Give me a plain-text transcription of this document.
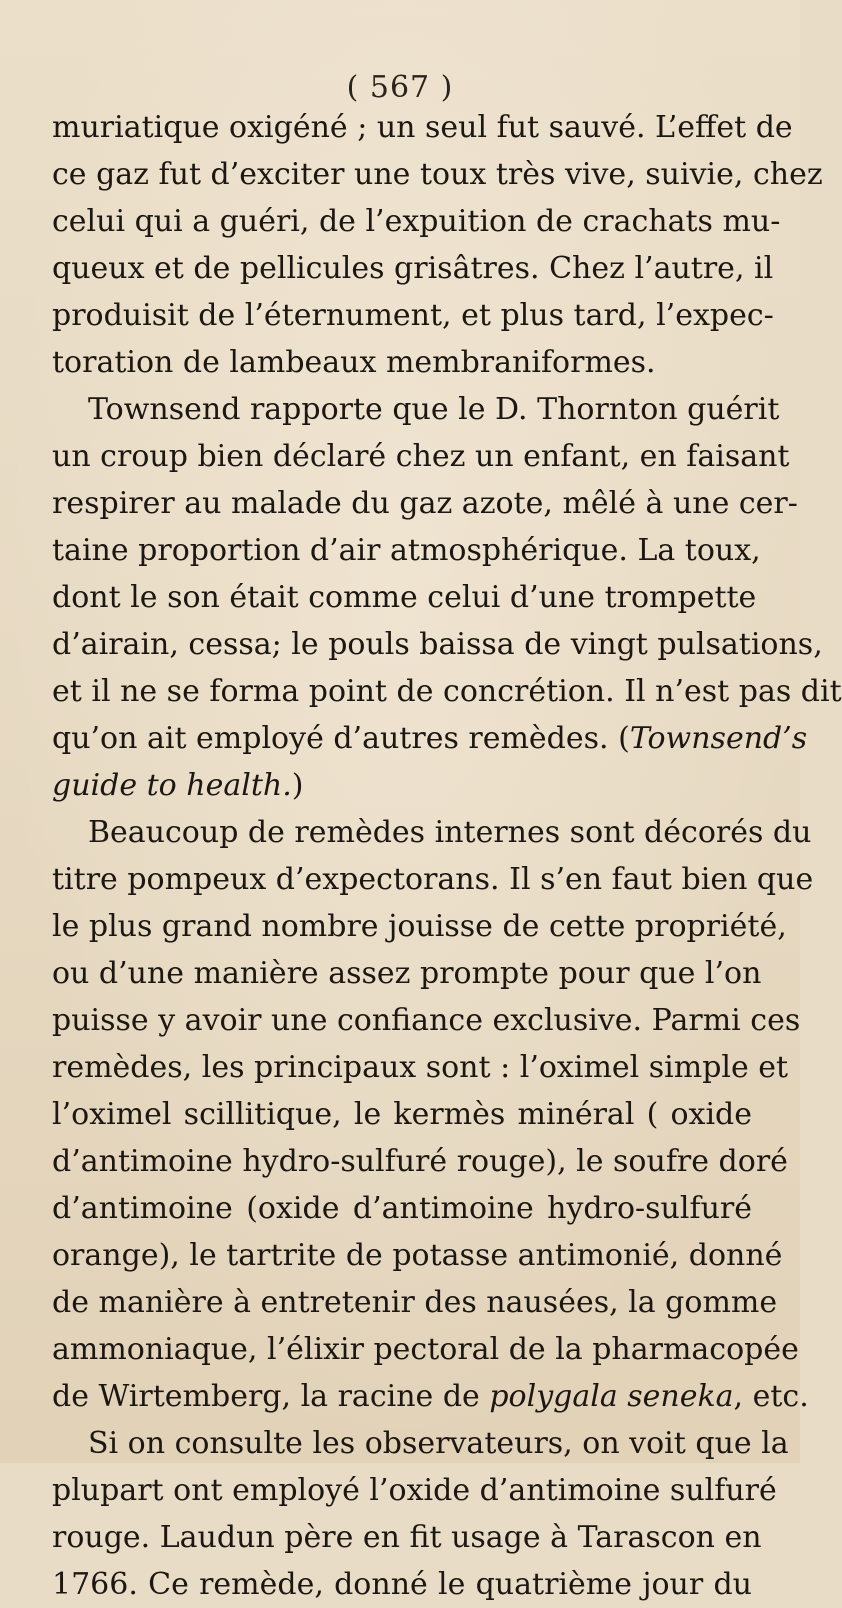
( 567 )
muriatique oxigéné ; un seul fut sauvé. L’effet de
ce gaz fut d’exciter une toux très vive, suivie, chez
celui qui a guéri, de l’expuition de crachats mu-
queux et de pellicules grisâtres. Chez l’autre, il
produisit de l’éternument, et plus tard, l’expec-
toration de lambeaux membraniformes.
Townsend rapporte que le D. Thornton guérit
un croup bien déclaré chez un enfant, en faisant
respirer au malade du gaz azote, mêlé à une cer-
taine proportion d’air atmosphérique. La toux,
dont le son était comme celui d’une trompette
d’airain, cessa; le pouls baissa de vingt pulsations,
et il ne se forma point de concrétion. Il n’est pas dit
qu’on ait employé d’autres remèdes. (Townsend’s
guide to health.)
Beaucoup de remèdes internes sont décorés du
titre pompeux d’expectorans. Il s’en faut bien que
le plus grand nombre jouisse de cette propriété,
ou d’une manière assez prompte pour que l’on
puisse y avoir une confiance exclusive. Parmi ces
remèdes, les principaux sont : l’oximel simple et
l’oximel scillitique, le kermès minéral ( oxide
d’antimoine hydro-sulfuré rouge), le soufre doré
d’antimoine (oxide d’antimoine hydro-sulfuré
orange), le tartrite de potasse antimonié, donné
de manière à entretenir des nausées, la gomme
ammoniaque, l’élixir pectoral de la pharmacopée
de Wirtemberg, la racine de polygala seneka, etc.
Si on consulte les observateurs, on voit que la
plupart ont employé l’oxide d’antimoine sulfuré
rouge. Laudun père en fit usage à Tarascon en
1766. Ce remède, donné le quatrième jour du
